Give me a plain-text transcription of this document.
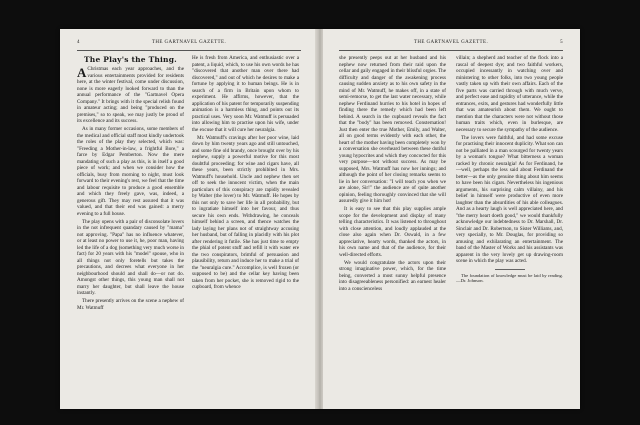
4	THE GARTNAVEL GAZETTE.
The Play's the Thing.

A Christmas each year approaches, and the various entertainments provided for residents here, at the winter festival, come under discussion, none is more eagerly looked forward to than the annual performance of the "Gartnavel Opera Company." It brings with it the special relish found in amateur acting; and being "produced on the premises," so to speak, we may justly be proud of its excellence and its success.

As in many former occasions, some members of the medical and official staff most kindly undertook the roles of the play they selected, which was: "Freeding a Mother-in-law, a frightful Bore," a farce by Edgar Pemberton. Now the mere mandating of such a play as this, is in itself a good piece of work; and when we consider how the officials, busy from morning to night, must look forward to their evening's rest, we feel that the time and labour requisite to produce a good ensemble and which they freely gave, was, indeed, a generous gift. They may rest assured that it was valued, and that their end was gained: a merry evening to a full house.

The play opens with a pair of disconsolate lovers in the not infrequent quandary caused by "mama" not approving. "Papa" has no influence whatever, or at least no power to use it, he, poor man, having led the life of a dog (something very much worse in fact) for 20 years with his "model" spouse, who in all things not only foretells but takes the precautions, and decrees what everyone in her neighbourhood should and shall do—or not do. Amongst other things, this young man shall not marry her daughter, but shall leave the house instantly.

There presently arrives on the scene a nephew of Mr. Watmuff

He is fresh from America, and enthusiastic over a patent, a liquid, which, to use his own words he has "discovered that another man over there had discovered," and out of which he desires to make a fortune by applying it to human beings. He is in search of a firm in Britain upon whom to experiment. He affirms, however, that the application of his patent for temporarily suspending animation is a harmless thing, and points out its practical uses. Very soon Mr. Watmuff is persuaded into allowing him to practise upon his wife, under the excuse that it will cure her neuralgia.

Mr. Watmuff's cravings after her poor wine, laid down by him twenty years ago and still untouched, and some fine old brandy, once brought over by his nephew, supply a powerful motive for this most doubtful proceeding; for wine and cigars have, all these years, been strictly prohibited in Mrs. Watmuff's household. Uncle and nephew then set off to seek the innocent victim, when the main particulars of this conspiracy are rapidly revealed by Walter (the lover) to Mr. Watmuff. He hopes by this not only to save her life in all probability, but to ingratiate himself into her favour, and thus secure his own ends. Withdrawing, he conceals himself behind a screen, and thence watches the lady laying her plans not of straightway accusing her husband, but of falling in placidly with his plot after rendering it futile. She has just time to empty the phial of potent stuff and refill it with water ere the two conspirators, brimful of persuasion and plausibility, return and induce her to make a trial of the "neuralgia cure." Accomplice, is well frozen (or supposed to be) and the cellar key having been taken from her pocket, she is removed rigid to the cupboard, from whence

THE GARTNAVEL GAZETTE.	5

she presently peeps out at her husband and his nephew now returned from their raid upon the cellar and gaily engaged in their blissful orgies. The difficulty and danger of the awakening process causing sudden anxiety as to his own safety in the mind of Mr. Watmuff, he makes off, in a state of semi-remorse, to get the last water necessary, while nephew Ferdinand hurries to his hotel in hopes of finding there the remedy which had been left behind. A search in the cupboard reveals the fact that the "body" has been removed. Consternation! Just then enter the true Mother, Emily, and Walter, all on good terms evidently with each other, the heart of the mother having been completely won by a conversation she overheard between these dutiful young hypocrites and which they concocted for this very purpose—not without success. As may be supposed, Mrs. Watmuff has now her innings; and although the point of her closing remarks seems to lie in her conversation: "I will teach you when we are alone, Sir!" the audience are of quite another opinion, feeling thoroughly convinced that she will assuredly give it him hot!

It is easy to see that this play supplies ample scope for the development and display of many telling characteristics. It was listened to throughout with close attention, and loudly applauded at the close also again when Dr. Oswald, in a few appreciative, hearty words, thanked the actors, in his own name and that of the audience, for their well-directed efforts.

We would congratulate the actors upon their strong imaginative power, which, for the time being, converted a most sunny helpful presence into disagreeableness personified: an earnest healer into a conscienceless

villain; a shepherd and teacher of the flock into a rascal of deepest dye; and two faithful workers, occupied incessantly in watching over and ministering to other folks, into two young people vastly taken up with their own affairs. Each of the five parts was carried through with much verve, and perfect ease and rapidity of utterance, while the entrances, exits, and gestures had wonderfully little that was amateurish about them. We ought to mention that the characters were not without those human traits which, even in burlesque, are necessary to secure the sympathy of the audience.

The lovers were faithful, and had some excuse for practising their innocent duplicity. What son can not be palliated in a man scourged for twenty years by a woman's tongue? What bitterness a woman racked by chronic neuralgia! As for Ferdinand, he—well, perhaps the less said about Ferdinand the better—as the only genuine thing about him seems to have been his cigars. Nevertheless his ingenious arguments, his surprising calm villainy, and his belief in himself were productive of even more laughter than the absurdities of his able colleagues. And as a hearty laugh is well appreciated here, and "the merry heart doeth good," we would thankfully acknowledge our indebtedness to Dr. Marshall, Dr. Sinclair and Dr. Robertson, to Sister Williams, and, very specially, to Mr. Douglas, for providing so amusing and exhilarating an entertainment. The band of the Master of Works and his assistants was apparent in the very lovely get up drawing-room scene in which the play was acted.

The foundation of knowledge must be laid by reading.—Dr. Johnson.
